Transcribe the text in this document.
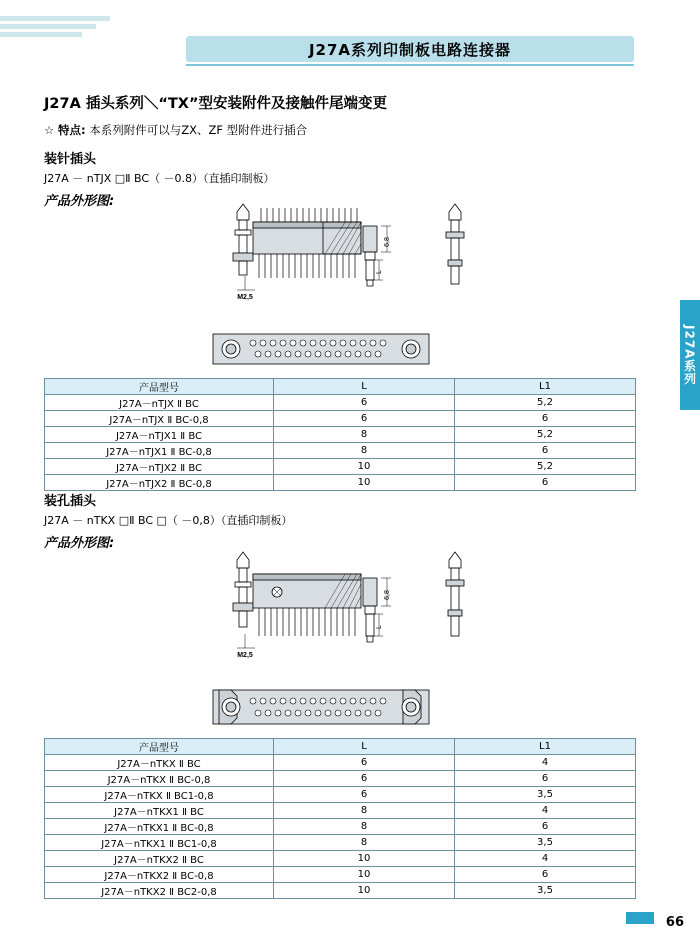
J27A系列印制板电路连接器
J27A系列
J27A 插头系列＼“TX”型安装附件及接触件尾端变更
☆ 特点: 本系列附件可以与ZX、ZF 型附件进行插合
装针插头
J27A － nTJX □Ⅱ BC（ －0.8）（直插印制板）
产品外形图:
6,8
L
M2,5
产品型号	L	L1
J27A－nTJX Ⅱ BC	6	5,2
J27A－nTJX Ⅱ BC-0,8	6	6
J27A－nTJX1 Ⅱ BC	8	5,2
J27A－nTJX1 Ⅱ BC-0,8	8	6
J27A－nTJX2 Ⅱ BC	10	5,2
J27A－nTJX2 Ⅱ BC-0,8	10	6
装孔插头
J27A － nTKX □Ⅱ BC □（ －0,8）（直插印制板）
产品外形图:
6,8
L
M2,5
产品型号	L	L1
J27A－nTKX Ⅱ BC	6	4
J27A－nTKX Ⅱ BC-0,8	6	6
J27A－nTKX Ⅱ BC1-0,8	6	3,5
J27A－nTKX1 Ⅱ BC	8	4
J27A－nTKX1 Ⅱ BC-0,8	8	6
J27A－nTKX1 Ⅱ BC1-0,8	8	3,5
J27A－nTKX2 Ⅱ BC	10	4
J27A－nTKX2 Ⅱ BC-0,8	10	6
J27A－nTKX2 Ⅱ BC2-0,8	10	3,5
66
